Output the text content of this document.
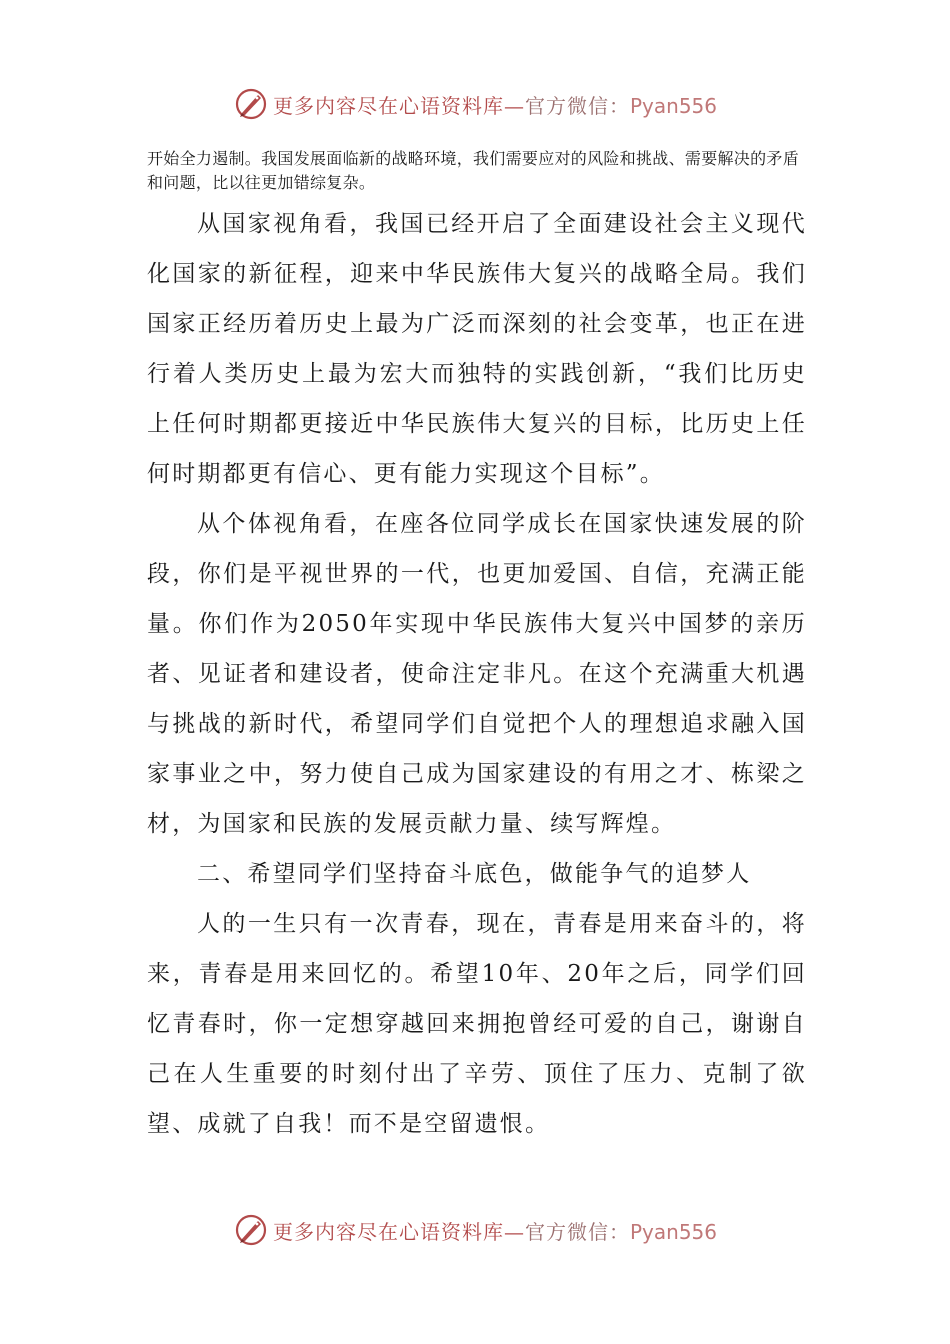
更多内容尽在心语资料库—官方微信：Pyan556
开始全力遏制。我国发展面临新的战略环境，我们需要应对的风险和挑战、需要解决的矛盾和问题，比以往更加错综复杂。

从国家视角看，我国已经开启了全面建设社会主义现代化国家的新征程，迎来中华民族伟大复兴的战略全局。我们国家正经历着历史上最为广泛而深刻的社会变革，也正在进行着人类历史上最为宏大而独特的实践创新，“我们比历史上任何时期都更接近中华民族伟大复兴的目标，比历史上任何时期都更有信心、更有能力实现这个目标”。

从个体视角看，在座各位同学成长在国家快速发展的阶段，你们是平视世界的一代，也更加爱国、自信，充满正能量。你们作为2050年实现中华民族伟大复兴中国梦的亲历者、见证者和建设者，使命注定非凡。在这个充满重大机遇与挑战的新时代，希望同学们自觉把个人的理想追求融入国家事业之中，努力使自己成为国家建设的有用之才、栋梁之材，为国家和民族的发展贡献力量、续写辉煌。

二、希望同学们坚持奋斗底色，做能争气的追梦人

人的一生只有一次青春，现在，青春是用来奋斗的，将来，青春是用来回忆的。希望10年、20年之后，同学们回忆青春时，你一定想穿越回来拥抱曾经可爱的自己，谢谢自己在人生重要的时刻付出了辛劳、顶住了压力、克制了欲望、成就了自我！而不是空留遗恨。

更多内容尽在心语资料库—官方微信：Pyan556
